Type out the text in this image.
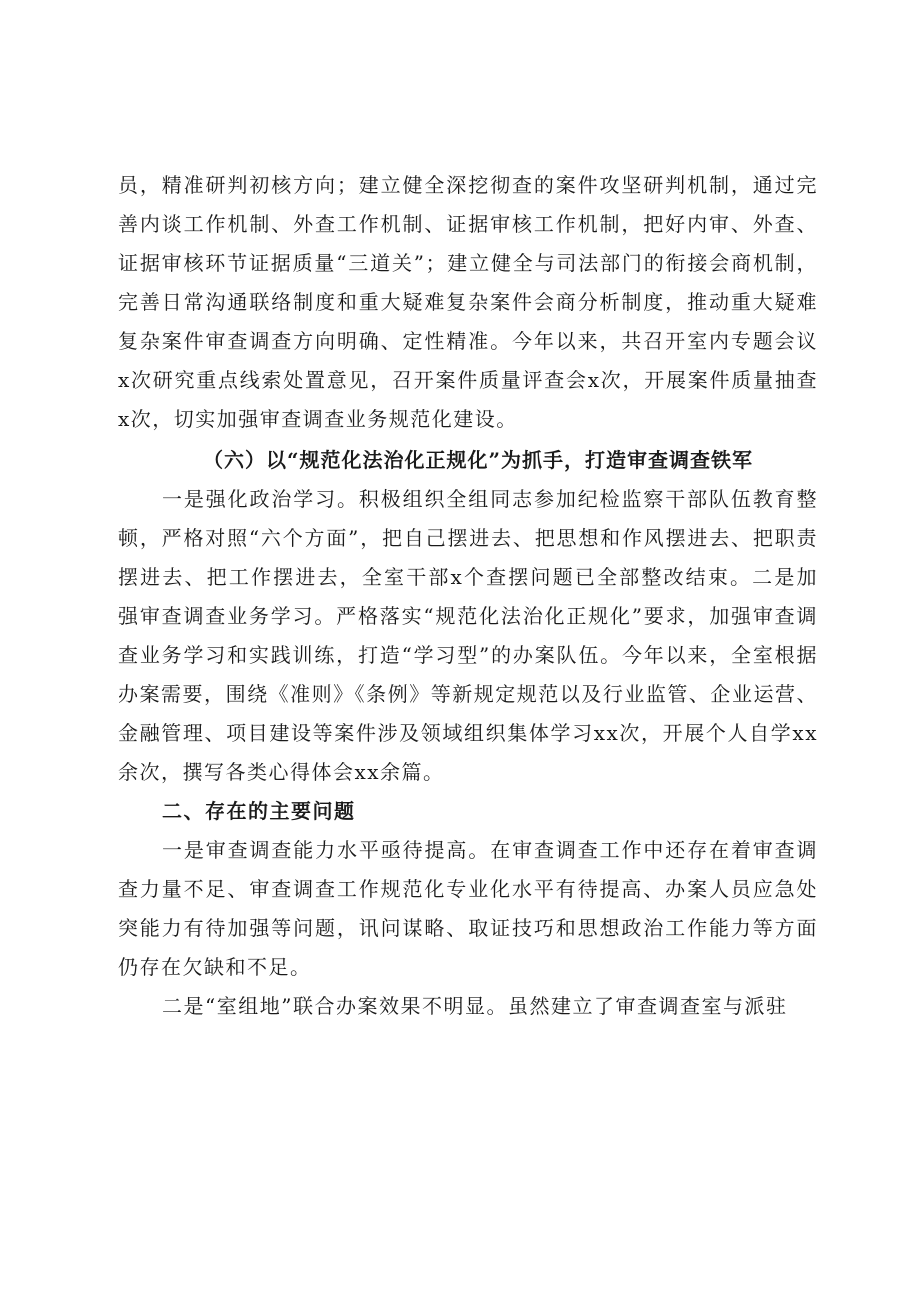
员，精准研判初核方向；建立健全深挖彻查的案件攻坚研判机制，通过完善内谈工作机制、外查工作机制、证据审核工作机制，把好内审、外查、证据审核环节证据质量“三道关”；建立健全与司法部门的衔接会商机制，完善日常沟通联络制度和重大疑难复杂案件会商分析制度，推动重大疑难复杂案件审查调查方向明确、定性精准。今年以来，共召开室内专题会议x次研究重点线索处置意见，召开案件质量评查会x次，开展案件质量抽查x次，切实加强审查调查业务规范化建设。

（六）以“规范化法治化正规化”为抓手，打造审查调查铁军

一是强化政治学习。积极组织全组同志参加纪检监察干部队伍教育整顿，严格对照“六个方面”，把自己摆进去、把思想和作风摆进去、把职责摆进去、把工作摆进去，全室干部x个查摆问题已全部整改结束。二是加强审查调查业务学习。严格落实“规范化法治化正规化”要求，加强审查调查业务学习和实践训练，打造“学习型”的办案队伍。今年以来，全室根据办案需要，围绕《准则》《条例》等新规定规范以及行业监管、企业运营、金融管理、项目建设等案件涉及领域组织集体学习xx次，开展个人自学xx余次，撰写各类心得体会xx余篇。

二、存在的主要问题

一是审查调查能力水平亟待提高。在审查调查工作中还存在着审查调查力量不足、审查调查工作规范化专业化水平有待提高、办案人员应急处突能力有待加强等问题，讯问谋略、取证技巧和思想政治工作能力等方面仍存在欠缺和不足。

二是“室组地”联合办案效果不明显。虽然建立了审查调查室与派驻
